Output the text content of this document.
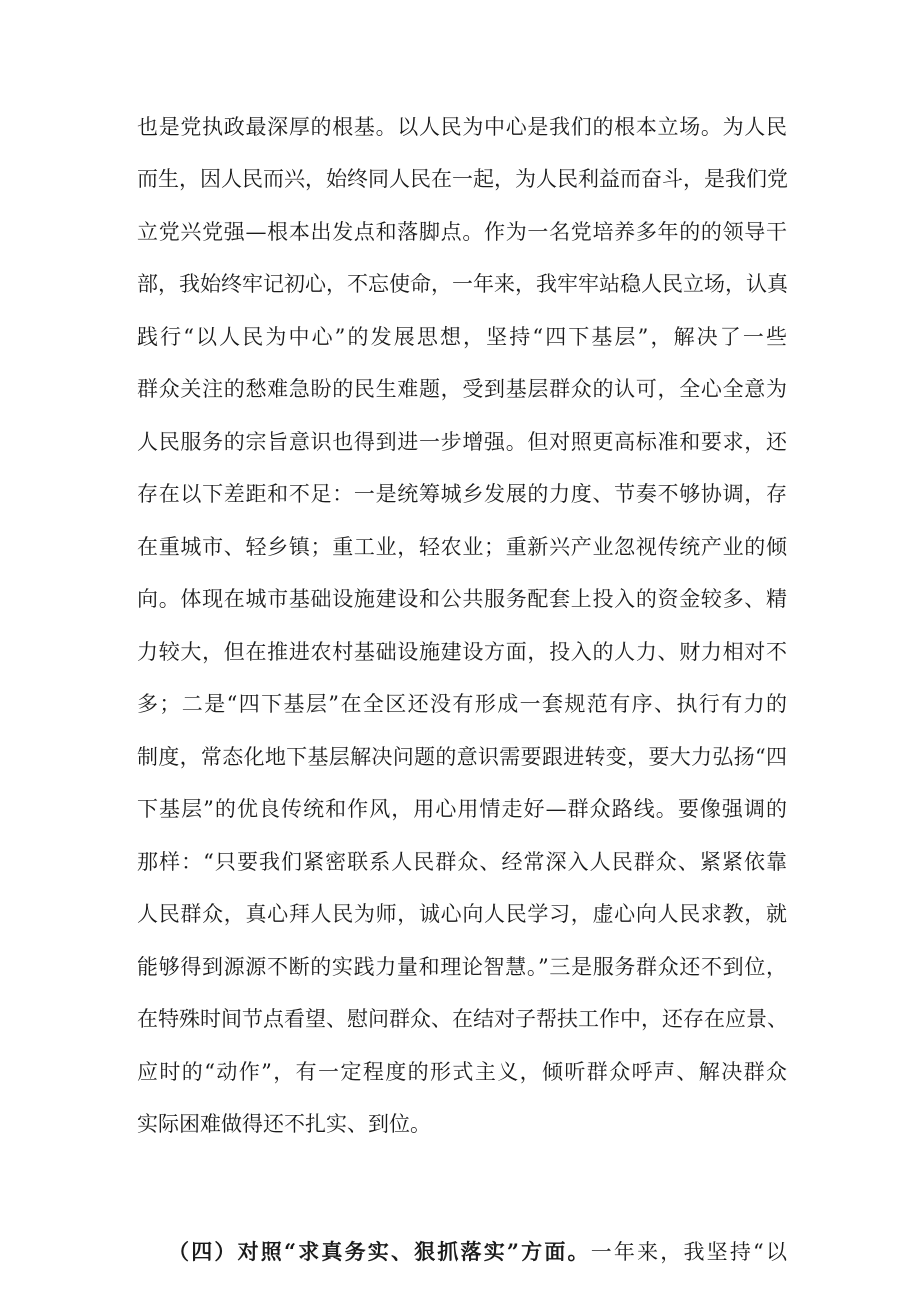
也是党执政最深厚的根基。以人民为中心是我们的根本立场。为人民
而生，因人民而兴，始终同人民在一起，为人民利益而奋斗，是我们党
立党兴党强—根本出发点和落脚点。作为一名党培养多年的的领导干
部，我始终牢记初心，不忘使命，一年来，我牢牢站稳人民立场，认真
践行“以人民为中心”的发展思想，坚持“四下基层”，解决了一些
群众关注的愁难急盼的民生难题，受到基层群众的认可，全心全意为
人民服务的宗旨意识也得到进一步增强。但对照更高标准和要求，还
存在以下差距和不足：一是统筹城乡发展的力度、节奏不够协调，存
在重城市、轻乡镇；重工业，轻农业；重新兴产业忽视传统产业的倾
向。体现在城市基础设施建设和公共服务配套上投入的资金较多、精
力较大，但在推进农村基础设施建设方面，投入的人力、财力相对不
多；二是“四下基层”在全区还没有形成一套规范有序、执行有力的
制度，常态化地下基层解决问题的意识需要跟进转变，要大力弘扬“四
下基层”的优良传统和作风，用心用情走好—群众路线。要像强调的
那样：“只要我们紧密联系人民群众、经常深入人民群众、紧紧依靠
人民群众，真心拜人民为师，诚心向人民学习，虚心向人民求教，就
能够得到源源不断的实践力量和理论智慧。”三是服务群众还不到位，
在特殊时间节点看望、慰问群众、在结对子帮扶工作中，还存在应景、
应时的“动作”，有一定程度的形式主义，倾听群众呼声、解决群众
实际困难做得还不扎实、到位。
（四）对照“求真务实、狠抓落实”方面。一年来，我坚持“以
